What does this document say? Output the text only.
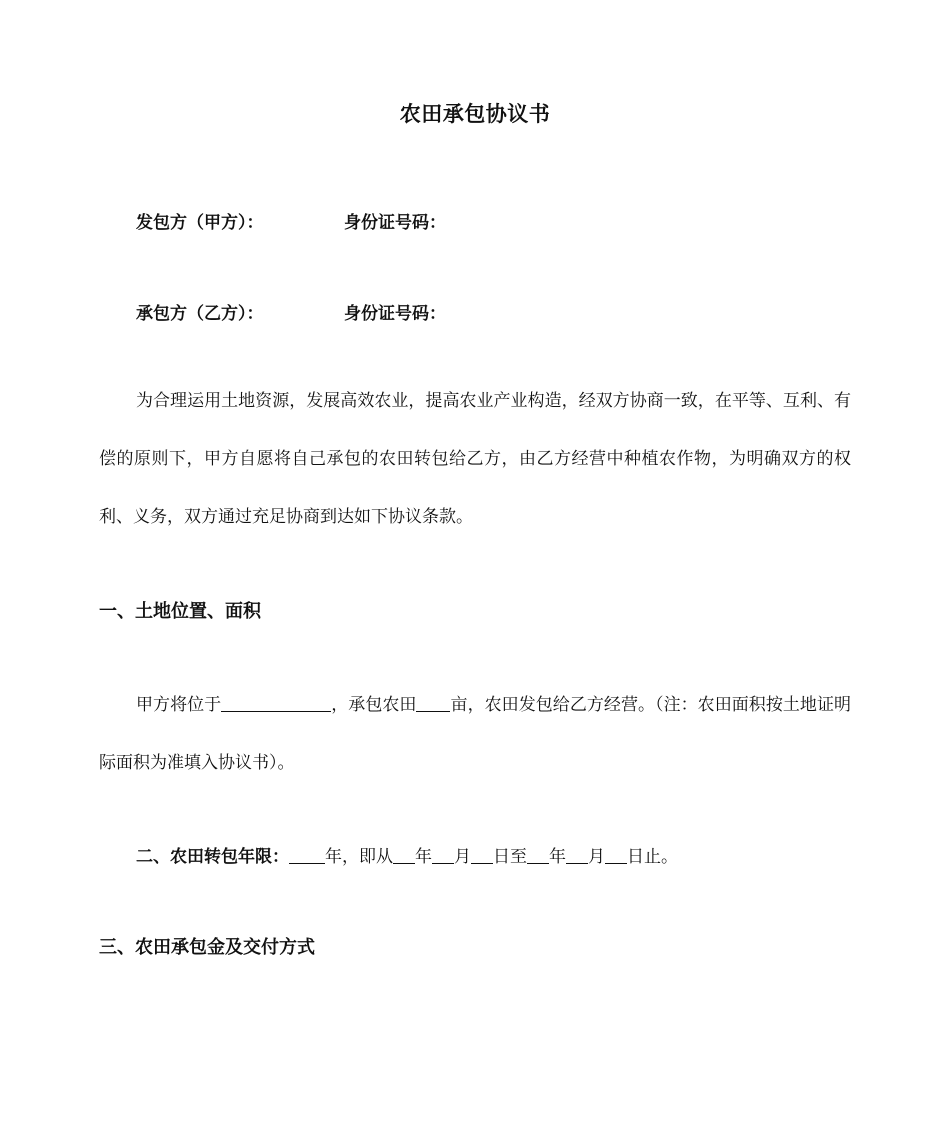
农田承包协议书
发包方（甲方）：	身份证号码：
承包方（乙方）：	身份证号码：
为合理运用土地资源，发展高效农业，提高农业产业构造，经双方协商一致，在平等、互利、有偿的原则下，甲方自愿将自己承包的农田转包给乙方，由乙方经营中种植农作物，为明确双方的权利、义务，双方通过充足协商到达如下协议条款。
一、土地位置、面积
甲方将位于	，承包农田 亩，农田发包给乙方经营。（注：农田面积按土地证明际面积为准填入协议书）。
二、农田转包年限： 年，即从 年 月 日至 年 月 日止。
三、农田承包金及交付方式
